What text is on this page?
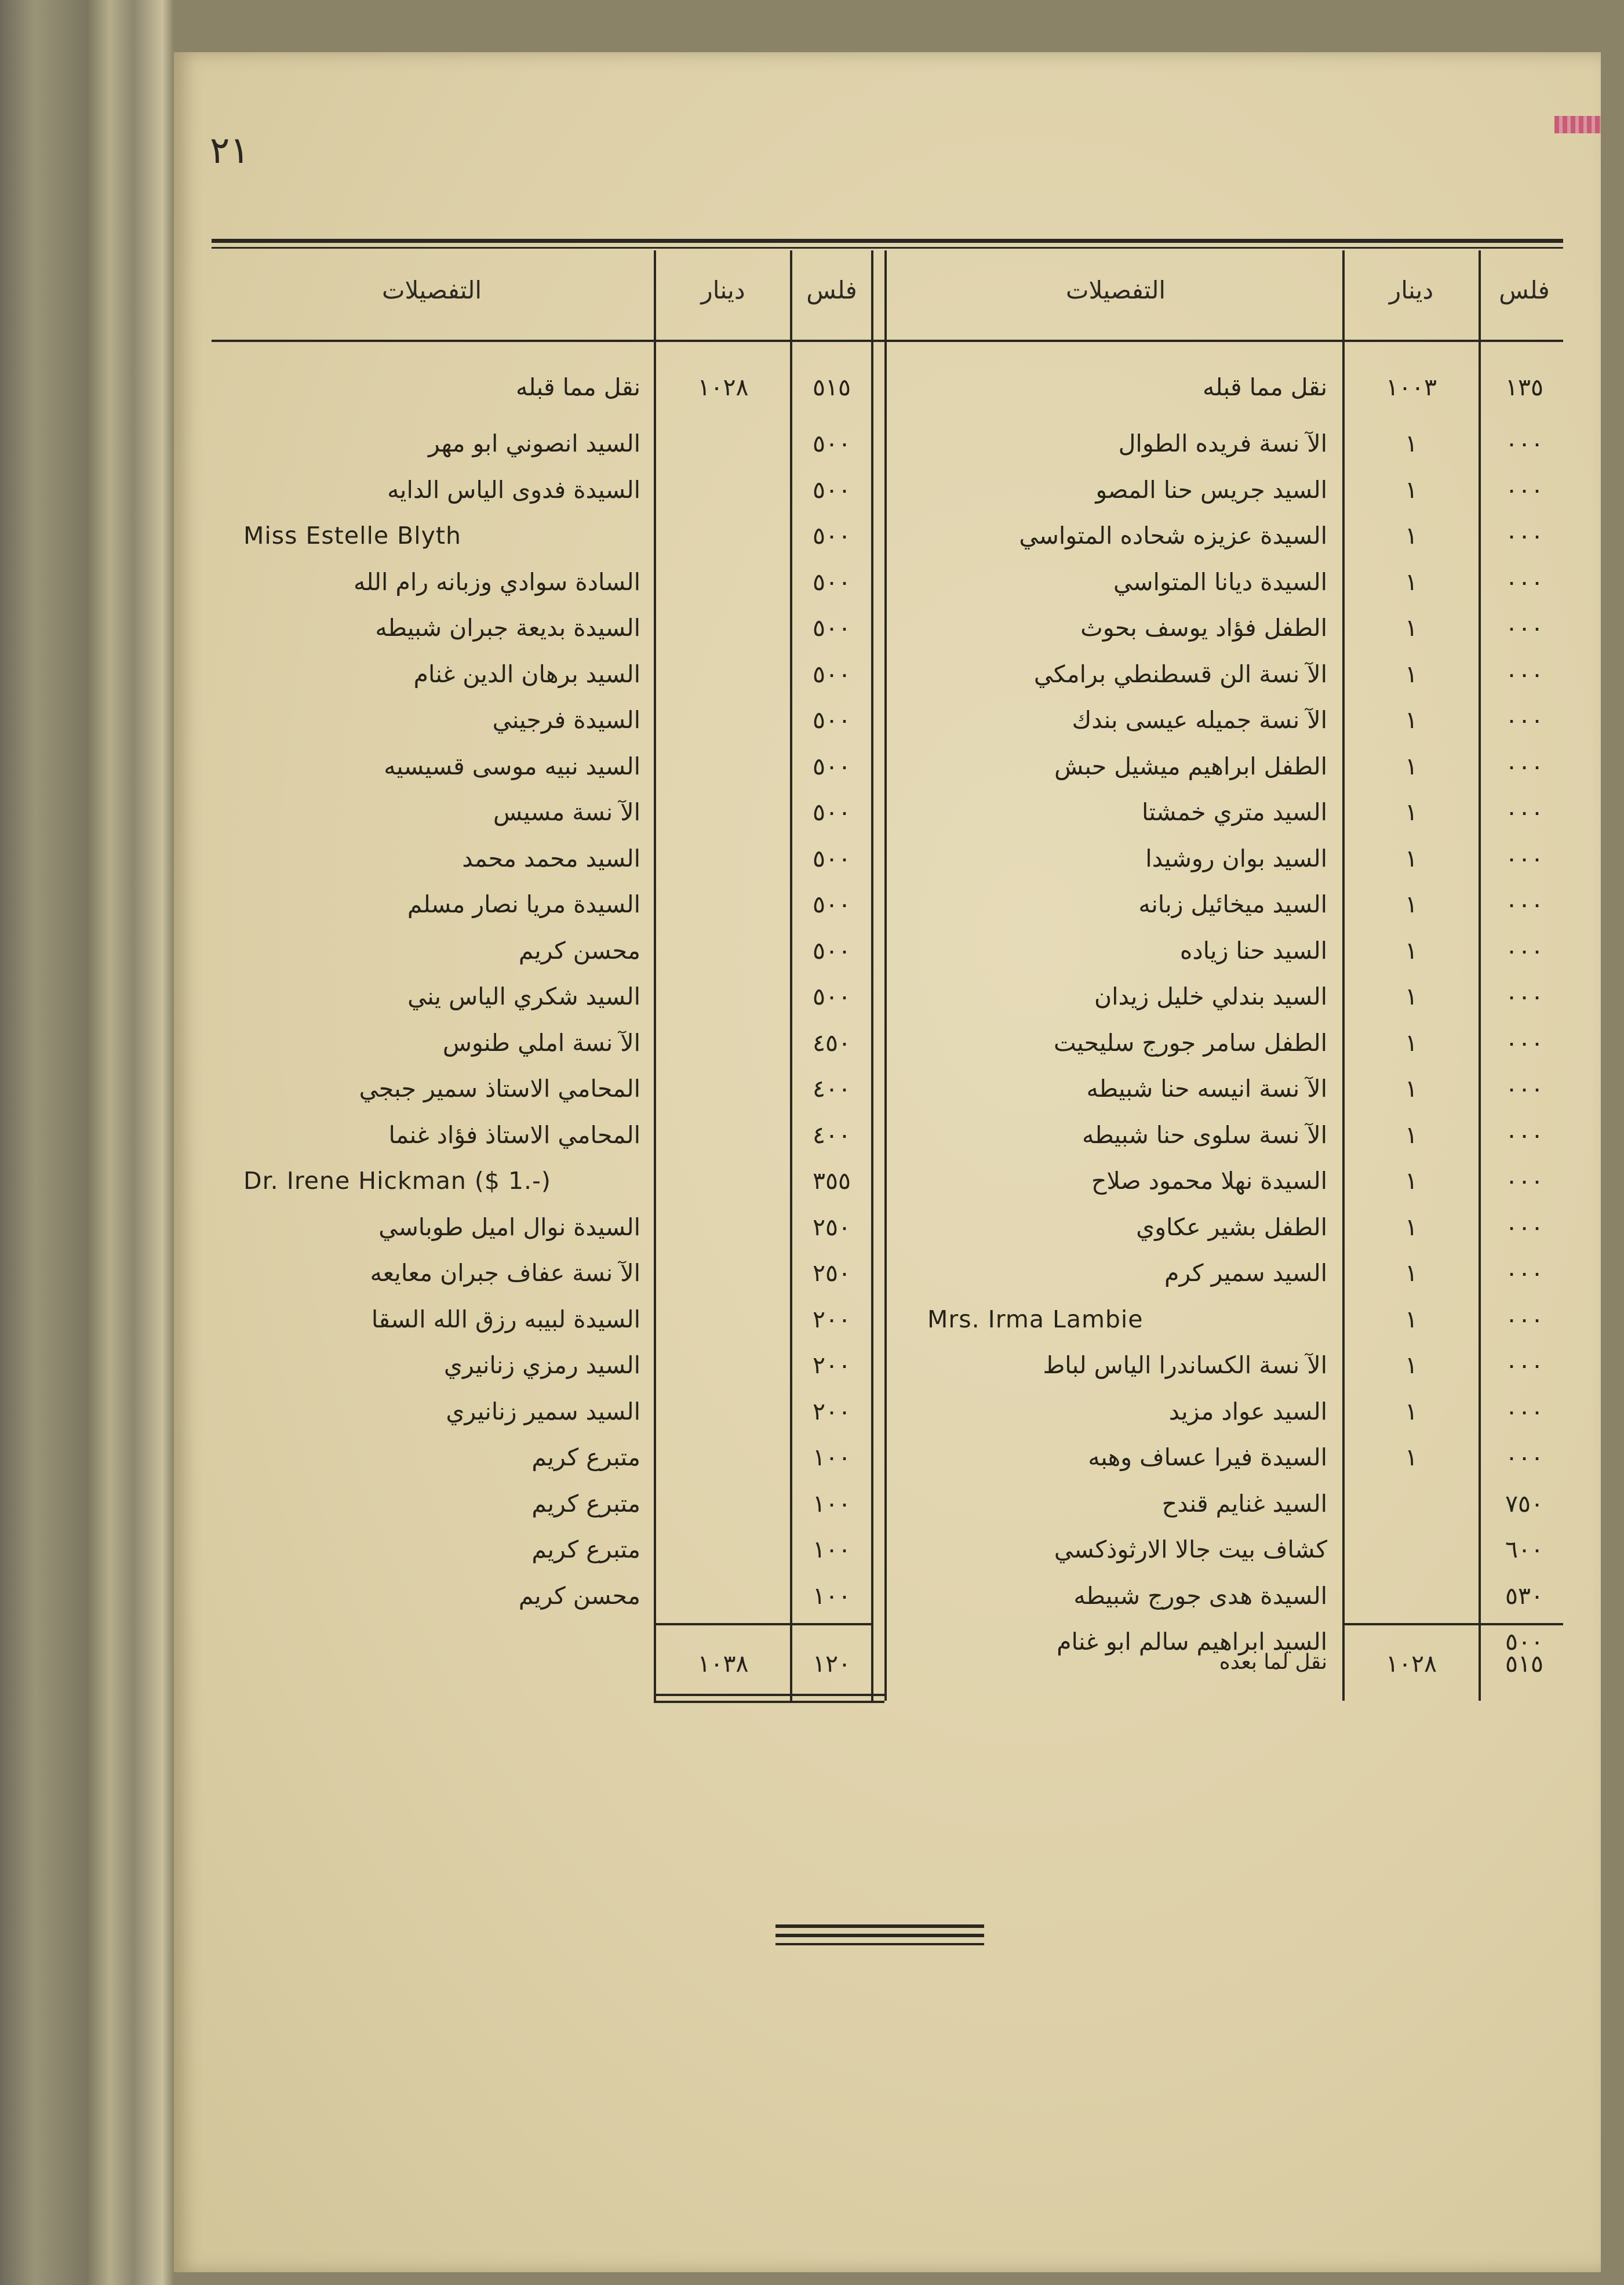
٢١
فلس
دينار
التفصيلات
فلس
دينار
التفصيلات
١٣٥
١٠٠٣
نقل مما قبله
٥١٥
١٠٢٨
نقل مما قبله
٥١٥
١٠٢٨
نقل لما بعده
١٢٠
١٠٣٨
٠٠٠
١
الآ نسة فريده الطوال
٠٠٠
١
السيد جريس حنا المصو
٠٠٠
١
السيدة عزيزه شحاده المتواسي
٠٠٠
١
السيدة ديانا المتواسي
٠٠٠
١
الطفل فؤاد يوسف بحوث
٠٠٠
١
الآ نسة الن قسطنطي برامكي
٠٠٠
١
الآ نسة جميله عيسى بندك
٠٠٠
١
الطفل ابراهيم ميشيل حبش
٠٠٠
١
السيد متري خمشتا
٠٠٠
١
السيد بوان روشيدا
٠٠٠
١
السيد ميخائيل زبانه
٠٠٠
١
السيد حنا زياده
٠٠٠
١
السيد بندلي خليل زيدان
٠٠٠
١
الطفل سامر جورج سليحيت
٠٠٠
١
الآ نسة انيسه حنا شبيطه
٠٠٠
١
الآ نسة سلوى حنا شبيطه
٠٠٠
١
السيدة نهلا محمود صلاح
٠٠٠
١
الطفل بشير عكاوي
٠٠٠
١
السيد سمير كرم
٠٠٠
١
Mrs. Irma Lambie
٠٠٠
١
الآ نسة الكساندرا الياس لباط
٠٠٠
١
السيد عواد مزيد
٠٠٠
١
السيدة فيرا عساف وهبه
٧٥٠
السيد غنايم قندح
٦٠٠
كشاف بيت جالا الارثوذكسي
٥٣٠
السيدة هدى جورج شبيطه
٥٠٠
السيد ابراهيم سالم ابو غنام
٥٠٠
السيد انصوني ابو مهر
٥٠٠
السيدة فدوى الياس الدايه
٥٠٠
Miss Estelle Blyth
٥٠٠
السادة سوادي وزبانه رام الله
٥٠٠
السيدة بديعة جبران شبيطه
٥٠٠
السيد برهان الدين غنام
٥٠٠
السيدة فرجيني
٥٠٠
السيد نبيه موسى قسيسيه
٥٠٠
الآ نسة مسيس
٥٠٠
السيد محمد محمد
٥٠٠
السيدة مريا نصار مسلم
٥٠٠
محسن كريم
٥٠٠
السيد شكري الياس يني
٤٥٠
الآ نسة املي طنوس
٤٠٠
المحامي الاستاذ سمير جبجي
٤٠٠
المحامي الاستاذ فؤاد غنما
٣٥٥
Dr. Irene Hickman ($ 1.-)
٢٥٠
السيدة نوال اميل طوباسي
٢٥٠
الآ نسة عفاف جبران معايعه
٢٠٠
السيدة لبيبه رزق الله السقا
٢٠٠
السيد رمزي زنانيري
٢٠٠
السيد سمير زنانيري
١٠٠
متبرع كريم
١٠٠
متبرع كريم
١٠٠
متبرع كريم
١٠٠
محسن كريم
